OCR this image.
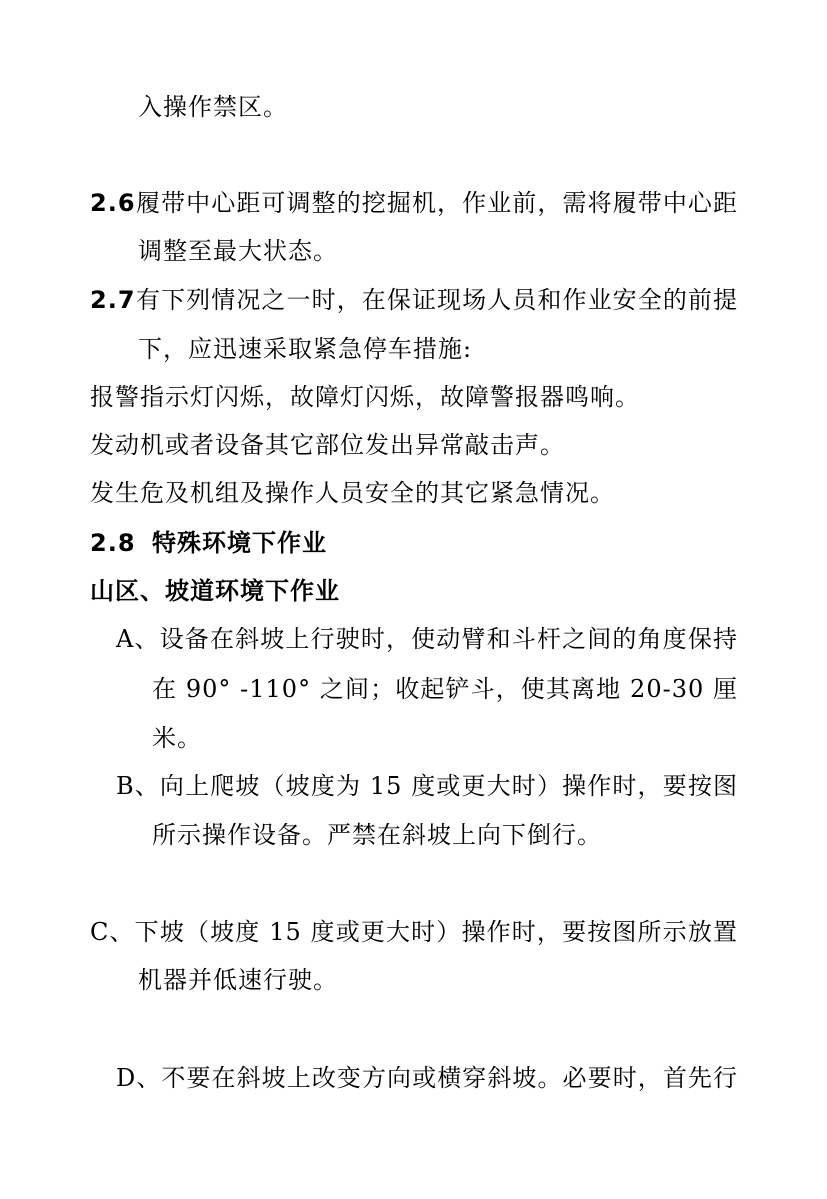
入操作禁区。
2.6 履带中心距可调整的挖掘机，作业前，需将履带中心距
调整至最大状态。
2.7 有下列情况之一时，在保证现场人员和作业安全的前提
下，应迅速采取紧急停车措施:
报警指示灯闪烁，故障灯闪烁，故障警报器鸣响。
发动机或者设备其它部位发出异常敲击声。
发生危及机组及操作人员安全的其它紧急情况。
2.8 特殊环境下作业
山区、坡道环境下作业
A、设备在斜坡上行驶时，使动臂和斗杆之间的角度保持
在 90° -110° 之间；收起铲斗，使其离地 20-30 厘
米。
B、向上爬坡（坡度为 15 度或更大时）操作时，要按图
所示操作设备。严禁在斜坡上向下倒行。
C、下坡（坡度 15 度或更大时）操作时，要按图所示放置
机器并低速行驶。
D、不要在斜坡上改变方向或横穿斜坡。必要时，首先行
